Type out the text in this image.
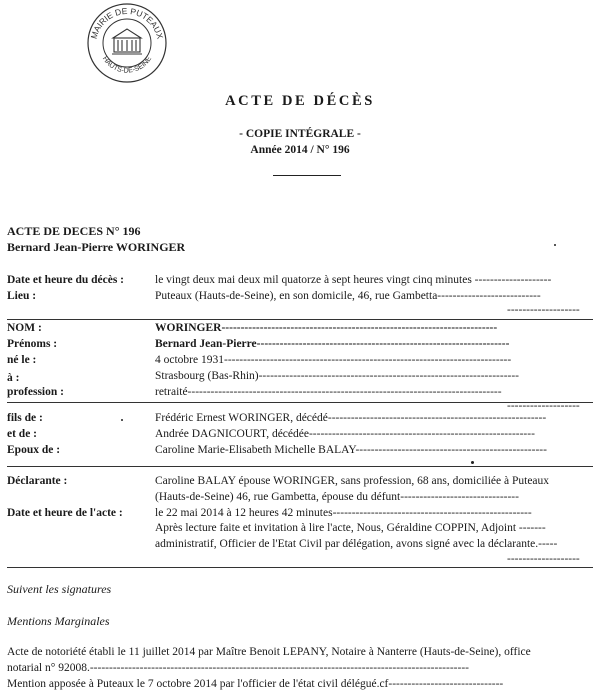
MAIRIE DE PUTEAUX
HAUTS-DE-SEINE
ACTE DE DÉCÈS
- COPIE INTÉGRALE -
Année 2014 / N° 196
ACTE DE DECES N° 196
Bernard Jean-Pierre WORINGER
Date et heure du décès :	le vingt deux mai deux mil quatorze à sept heures vingt cinq minutes --------------------
Lieu :	Puteaux (Hauts-de-Seine), en son domicile, 46, rue Gambetta---------------------------
-------------------
NOM :	WORINGER------------------------------------------------------------------------
Prénoms :	Bernard Jean-Pierre------------------------------------------------------------------
né le :	4 octobre 1931---------------------------------------------------------------------------
à :	Strasbourg (Bas-Rhin)--------------------------------------------------------------------
profession :	retraité----------------------------------------------------------------------------------
-------------------
fils de :	Frédéric Ernest WORINGER, décédé---------------------------------------------------------
et de :	Andrée DAGNICOURT, décédée-----------------------------------------------------------
Epoux de :	Caroline Marie-Elisabeth Michelle BALAY--------------------------------------------------
Déclarante :	Caroline BALAY épouse WORINGER, sans profession, 68 ans, domiciliée à Puteaux
(Hauts-de-Seine) 46, rue Gambetta, épouse du défunt-------------------------------
Date et heure de l'acte :	le 22 mai 2014 à 12 heures 42 minutes----------------------------------------------------
Après lecture faite et invitation à lire l'acte, Nous, Géraldine COPPIN, Adjoint -------
administratif, Officier de l'Etat Civil par délégation, avons signé avec la déclarante.-----
-------------------
Suivent les signatures
Mentions Marginales
Acte de notoriété établi le 11 juillet 2014 par Maître Benoit LEPANY, Notaire à Nanterre (Hauts-de-Seine), office
notarial n° 92008.---------------------------------------------------------------------------------------------------
Mention apposée à Puteaux le 7 octobre 2014 par l'officier de l'état civil délégué.cf------------------------------
